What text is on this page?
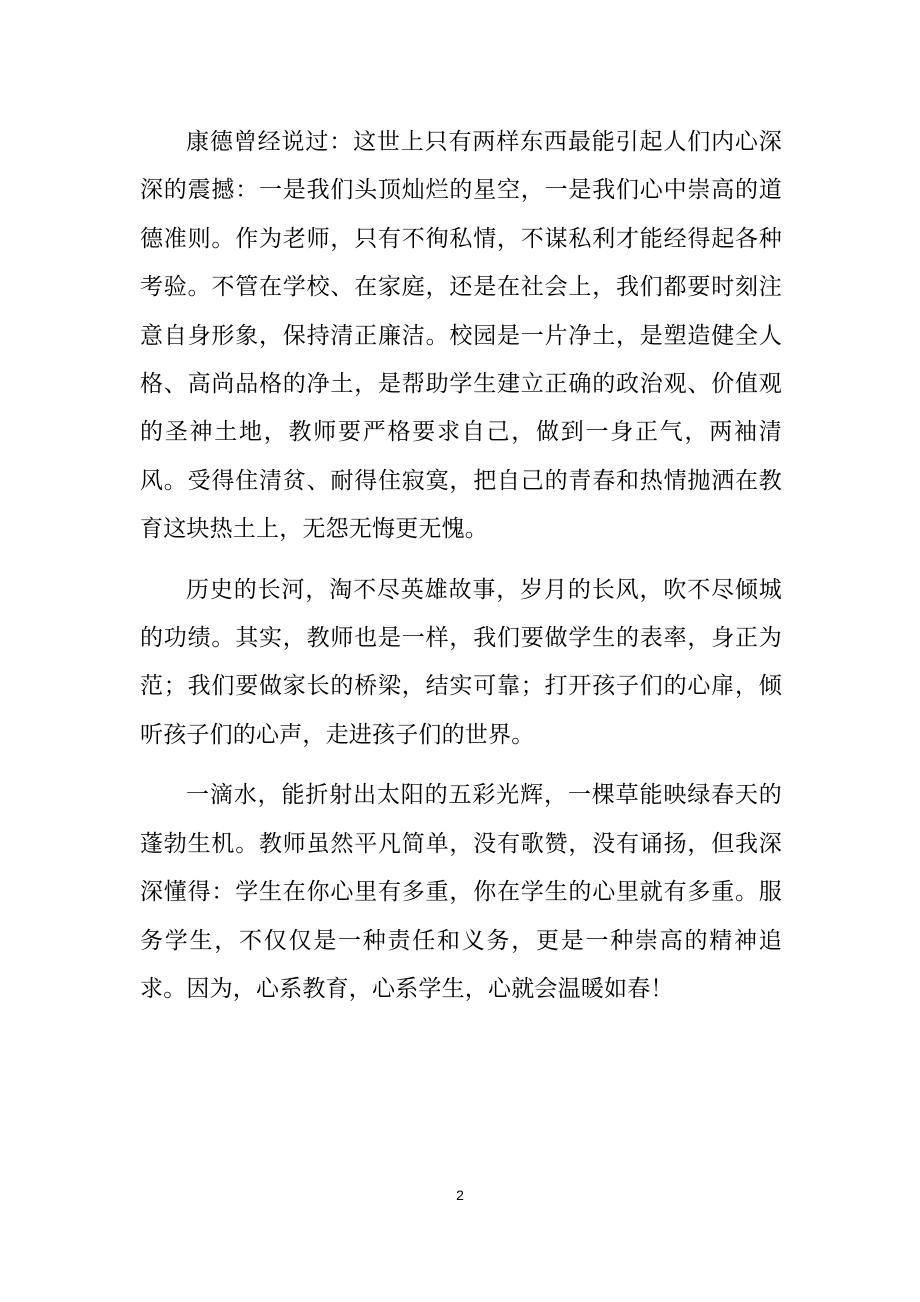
康德曾经说过：这世上只有两样东西最能引起人们内心深深的震撼：一是我们头顶灿烂的星空，一是我们心中崇高的道德准则。作为老师，只有不徇私情，不谋私利才能经得起各种考验。不管在学校、在家庭，还是在社会上，我们都要时刻注意自身形象，保持清正廉洁。校园是一片净土，是塑造健全人格、高尚品格的净土，是帮助学生建立正确的政治观、价值观的圣神土地，教师要严格要求自己，做到一身正气，两袖清风。受得住清贫、耐得住寂寞，把自己的青春和热情抛洒在教育这块热土上，无怨无悔更无愧。

历史的长河，淘不尽英雄故事，岁月的长风，吹不尽倾城的功绩。其实，教师也是一样，我们要做学生的表率，身正为范；我们要做家长的桥梁，结实可靠；打开孩子们的心扉，倾听孩子们的心声，走进孩子们的世界。

一滴水，能折射出太阳的五彩光辉，一棵草能映绿春天的蓬勃生机。教师虽然平凡简单，没有歌赞，没有诵扬，但我深深懂得：学生在你心里有多重，你在学生的心里就有多重。服务学生，不仅仅是一种责任和义务，更是一种崇高的精神追求。因为，心系教育，心系学生，心就会温暖如春！

2
